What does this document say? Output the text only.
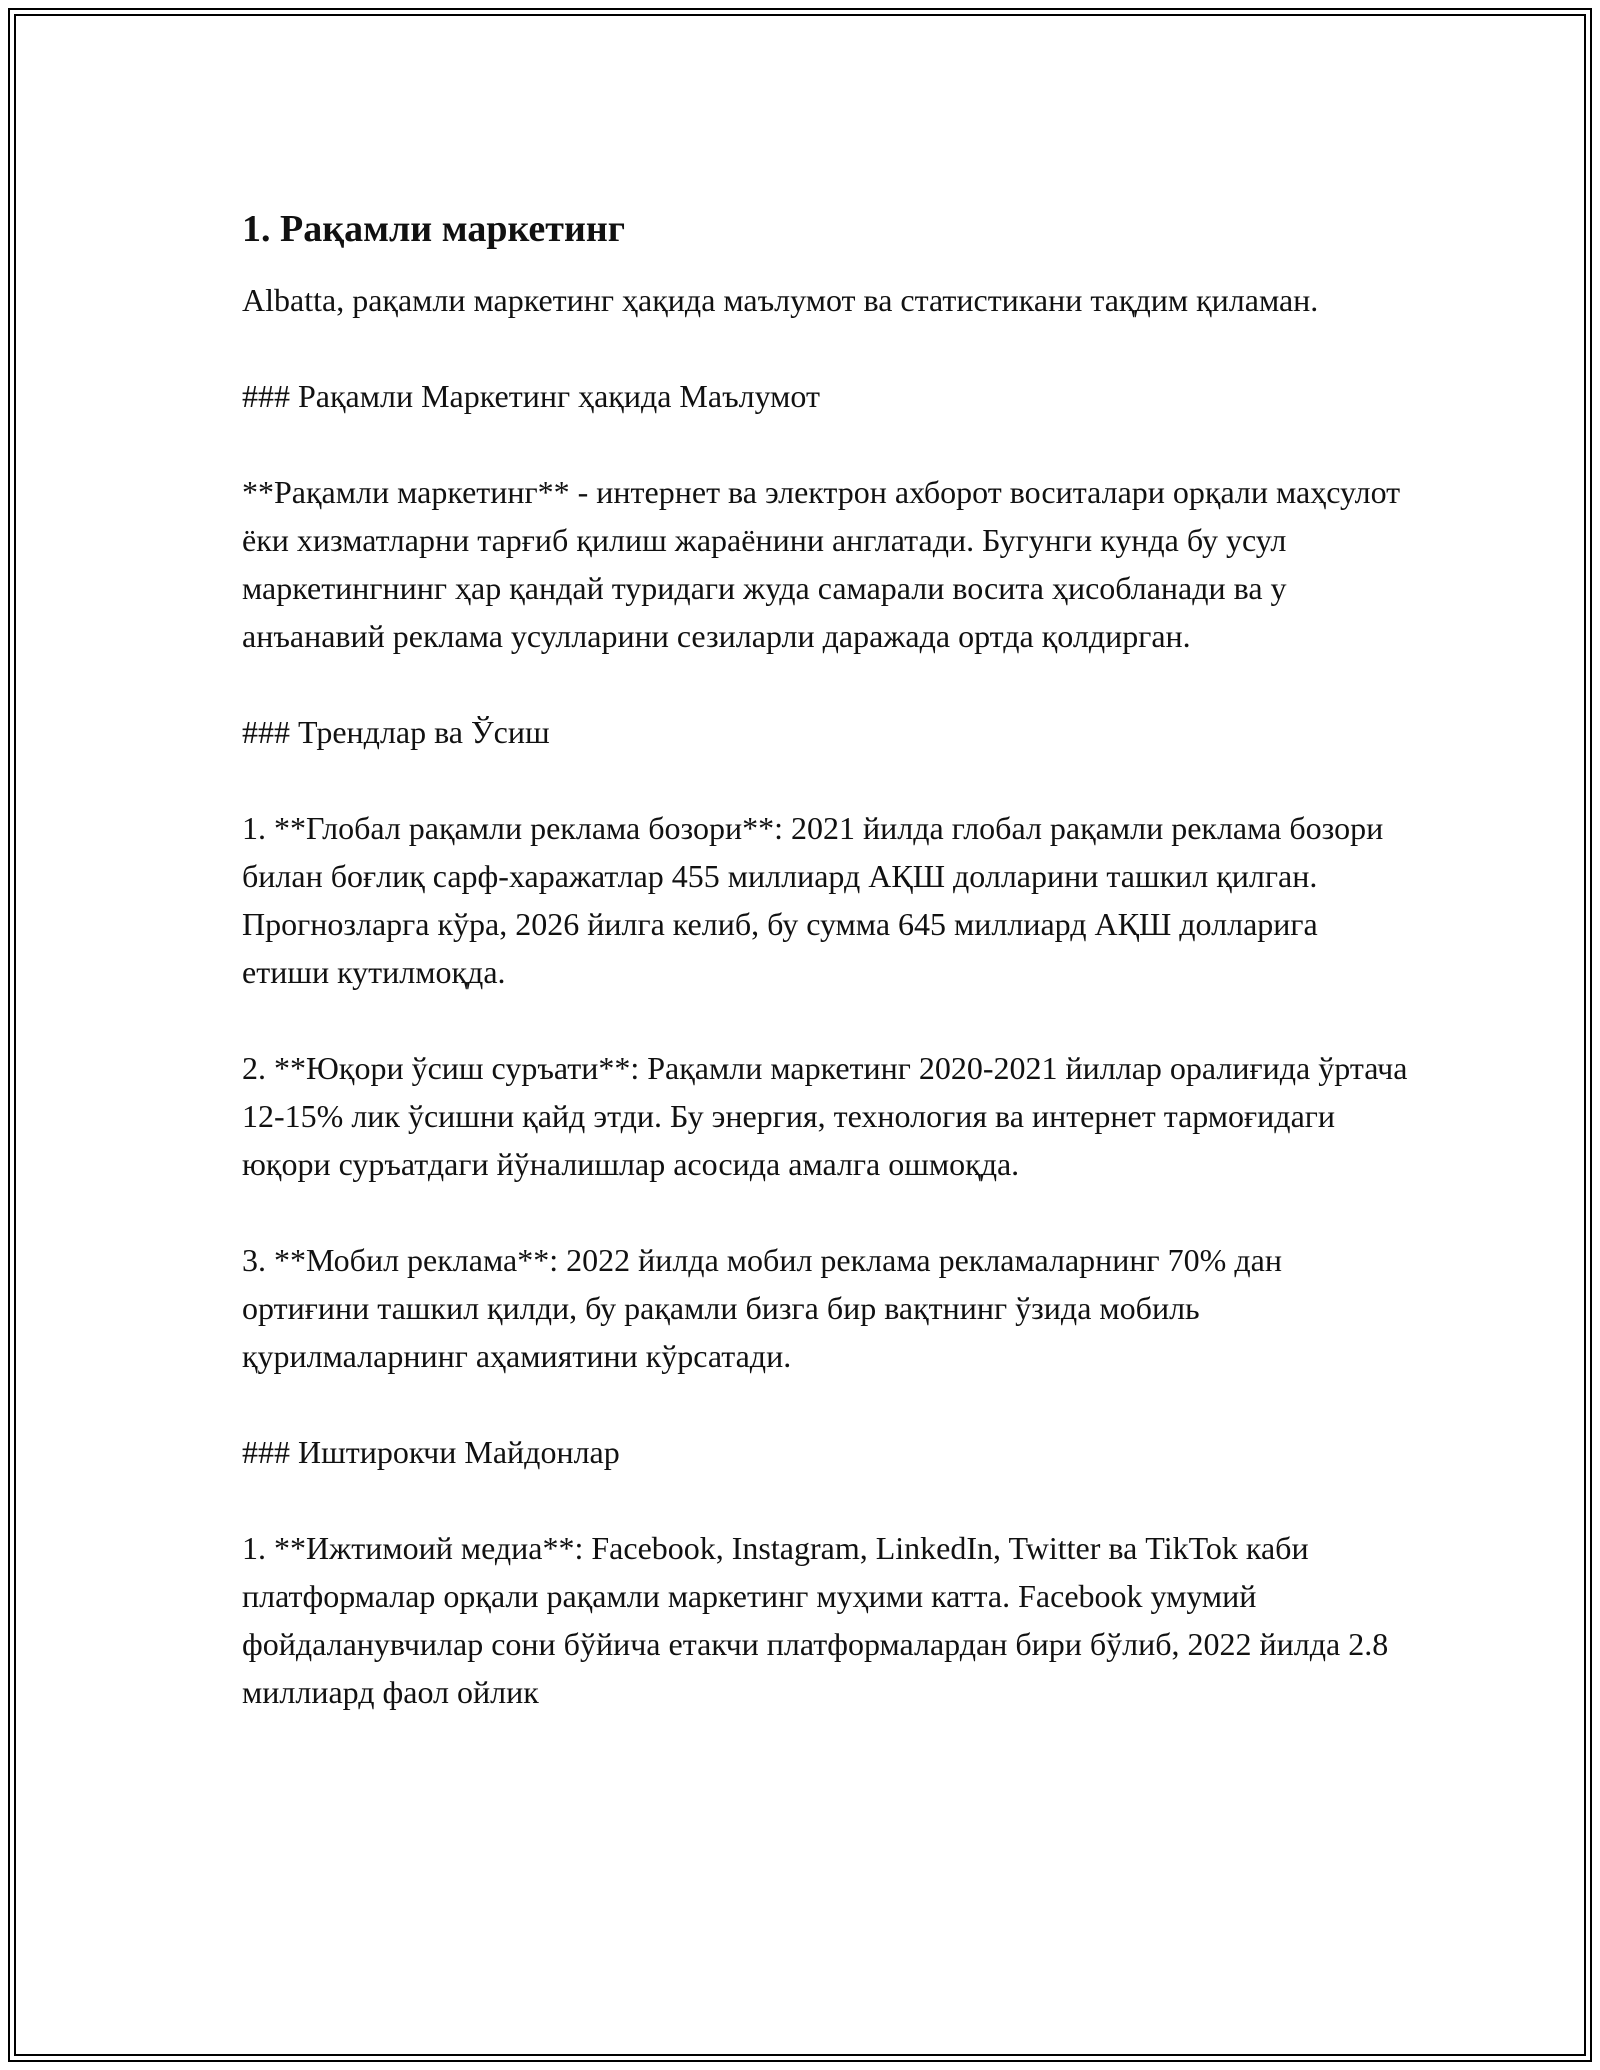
1. Рақамли маркетинг

Albatta, рақамли маркетинг ҳақида маълумот ва статистикани тақдим қиламан.

### Рақамли Маркетинг ҳақида Маълумот

**Рақамли маркетинг** - интернет ва электрон ахборот воситалари орқали маҳсулот ёки хизматларни тарғиб қилиш жараёнини англатади. Бугунги кунда бу усул маркетингнинг ҳар қандай туридаги жуда самарали восита ҳисобланади ва у анъанавий реклама усулларини сезиларли даражада ортда қолдирган.

### Трендлар ва Ўсиш

1. **Глобал рақамли реклама бозори**: 2021 йилда глобал рақамли реклама бозори билан боғлиқ сарф-харажатлар 455 миллиард АҚШ долларини ташкил қилган. Прогнозларга кўра, 2026 йилга келиб, бу сумма 645 миллиард АҚШ долларига етиши кутилмоқда.

2. **Юқори ўсиш суръати**: Рақамли маркетинг 2020-2021 йиллар оралиғида ўртача 12-15% лик ўсишни қайд этди. Бу энергия, технология ва интернет тармоғидаги юқори суръатдаги йўналишлар асосида амалга ошмоқда.

3. **Мобил реклама**: 2022 йилда мобил реклама рекламаларнинг 70% дан ортиғини ташкил қилди, бу рақамли бизга бир вақтнинг ўзида мобиль қурилмаларнинг аҳамиятини кўрсатади.

### Иштирокчи Майдонлар

1. **Ижтимоий медиа**: Facebook, Instagram, LinkedIn, Twitter ва TikTok каби платформалар орқали рақамли маркетинг муҳими катта. Facebook умумий фойдаланувчилар сони бўйича етакчи платформалардан бири бўлиб, 2022 йилда 2.8 миллиард фаол ойлик
